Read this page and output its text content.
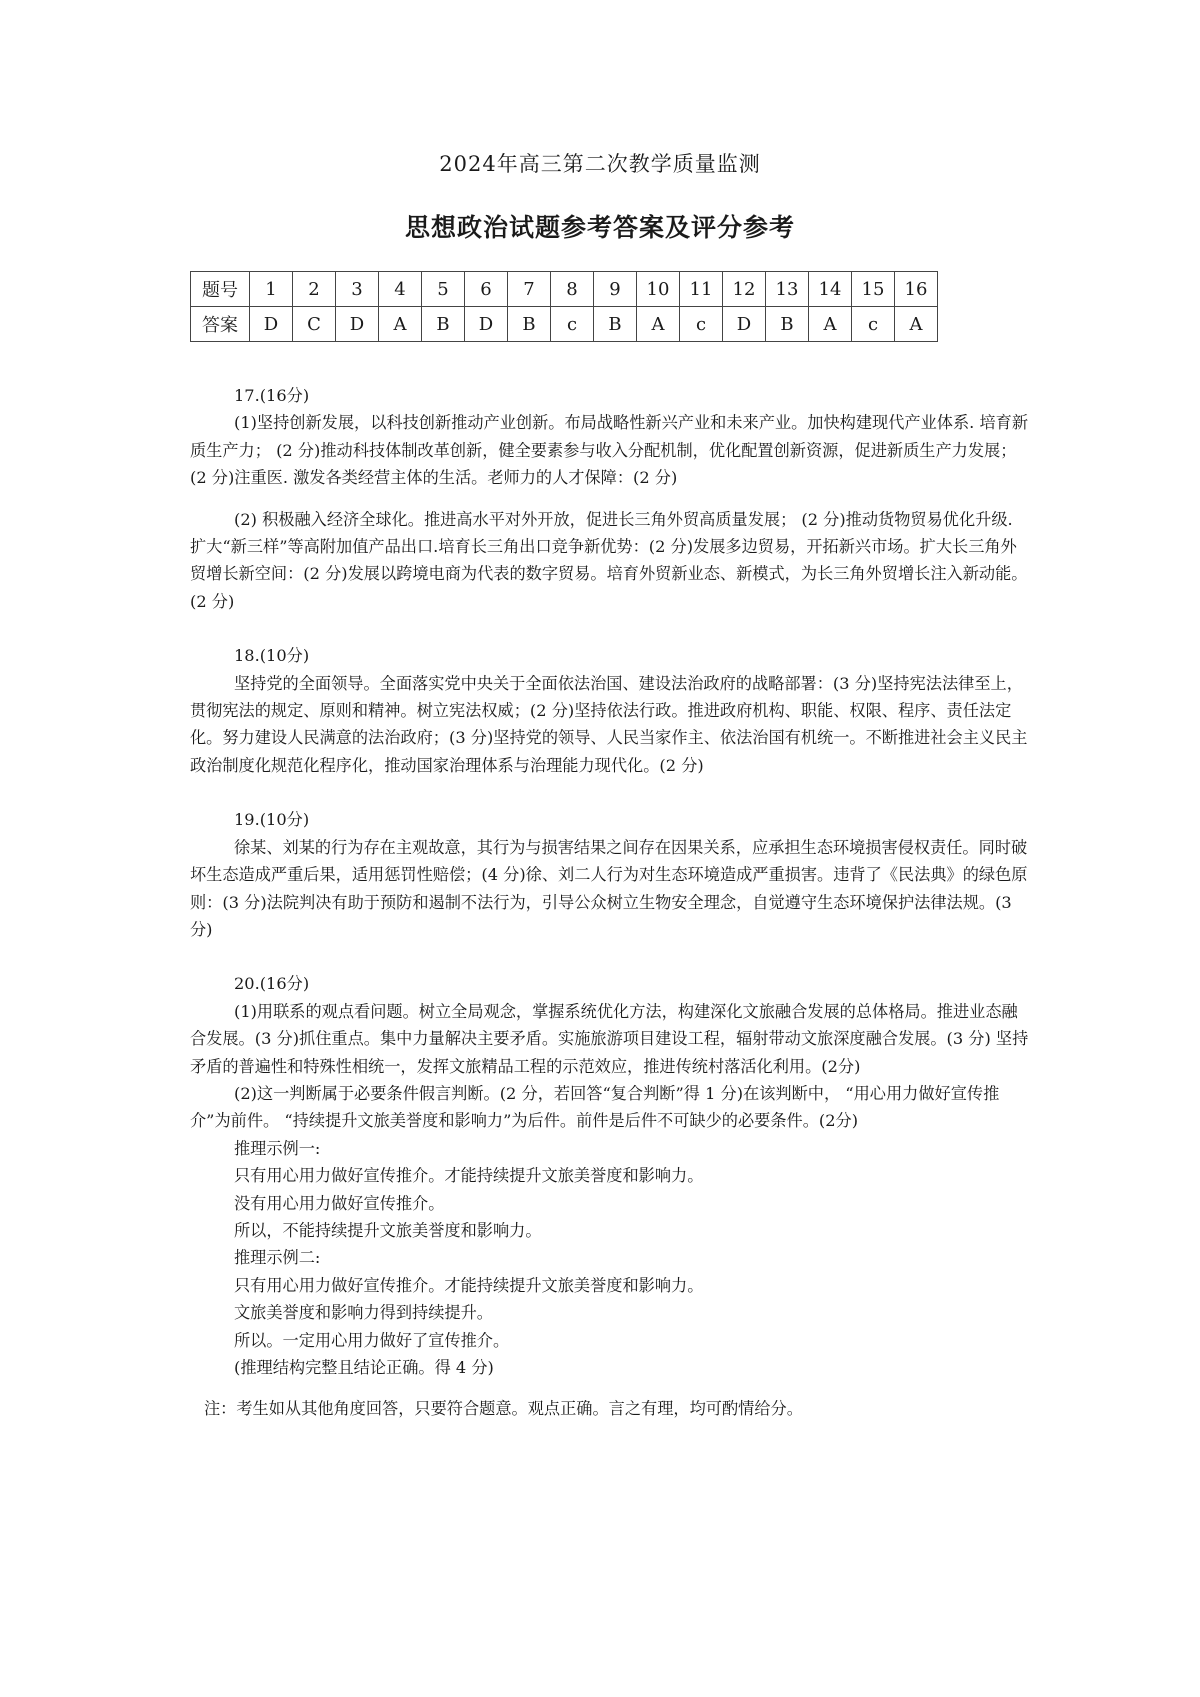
2024年高三第二次教学质量监测
思想政治试题参考答案及评分参考
题号	1	2	3	4	5	6	7	8	9	10	11	12	13	14	15	16
答案	D	C	D	A	B	D	B	c	B	A	c	D	B	A	c	A

17.(16分)

(1)坚持创新发展，以科技创新推动产业创新。布局战略性新兴产业和未来产业。加快构建现代产业体系. 培育新质生产力； (2 分)推动科技体制改革创新，健全要素参与收入分配机制，优化配置创新资源，促进新质生产力发展； (2 分)注重医. 激发各类经营主体的生活。老师力的人才保障：(2 分)

(2) 积极融入经济全球化。推进高水平对外开放，促进长三角外贸高质量发展； (2 分)推动货物贸易优化升级. 扩大“新三样”等高附加值产品出口.培育长三角出口竞争新优势：(2 分)发展多边贸易，开拓新兴市场。扩大长三角外贸增长新空间：(2 分)发展以跨境电商为代表的数字贸易。培育外贸新业态、新模式，为长三角外贸增长注入新动能。(2 分)

18.(10分)

坚持党的全面领导。全面落实党中央关于全面依法治国、建设法治政府的战略部署：(3 分)坚持宪法法律至上，贯彻宪法的规定、原则和精神。树立宪法权威；(2 分)坚持依法行政。推进政府机构、职能、权限、程序、责任法定化。努力建设人民满意的法治政府；(3 分)坚持党的领导、人民当家作主、依法治国有机统一。不断推进社会主义民主政治制度化规范化程序化，推动国家治理体系与治理能力现代化。(2 分)

19.(10分)

徐某、刘某的行为存在主观故意，其行为与损害结果之间存在因果关系，应承担生态环境损害侵权责任。同时破坏生态造成严重后果，适用惩罚性赔偿；(4 分)徐、刘二人行为对生态环境造成严重损害。违背了《民法典》的绿色原则：(3 分)法院判决有助于预防和遏制不法行为，引导公众树立生物安全理念，自觉遵守生态环境保护法律法规。(3 分)

20.(16分)

(1)用联系的观点看问题。树立全局观念，掌握系统优化方法，构建深化文旅融合发展的总体格局。推进业态融合发展。(3 分)抓住重点。集中力量解决主要矛盾。实施旅游项目建设工程，辐射带动文旅深度融合发展。(3 分) 坚持矛盾的普遍性和特殊性相统一，发挥文旅精品工程的示范效应，推进传统村落活化利用。(2分)

(2)这一判断属于必要条件假言判断。(2 分，若回答“复合判断”得 1 分)在该判断中， “用心用力做好宣传推介”为前件。 “持续提升文旅美誉度和影响力”为后件。前件是后件不可缺少的必要条件。(2分)

推理示例一:

只有用心用力做好宣传推介。才能持续提升文旅美誉度和影响力。

没有用心用力做好宣传推介。

所以，不能持续提升文旅美誉度和影响力。

推理示例二:

只有用心用力做好宣传推介。才能持续提升文旅美誉度和影响力。

文旅美誉度和影响力得到持续提升。

所以。一定用心用力做好了宣传推介。

(推理结构完整且结论正确。得 4 分)

注：考生如从其他角度回答，只要符合题意。观点正确。言之有理，均可酌情给分。
